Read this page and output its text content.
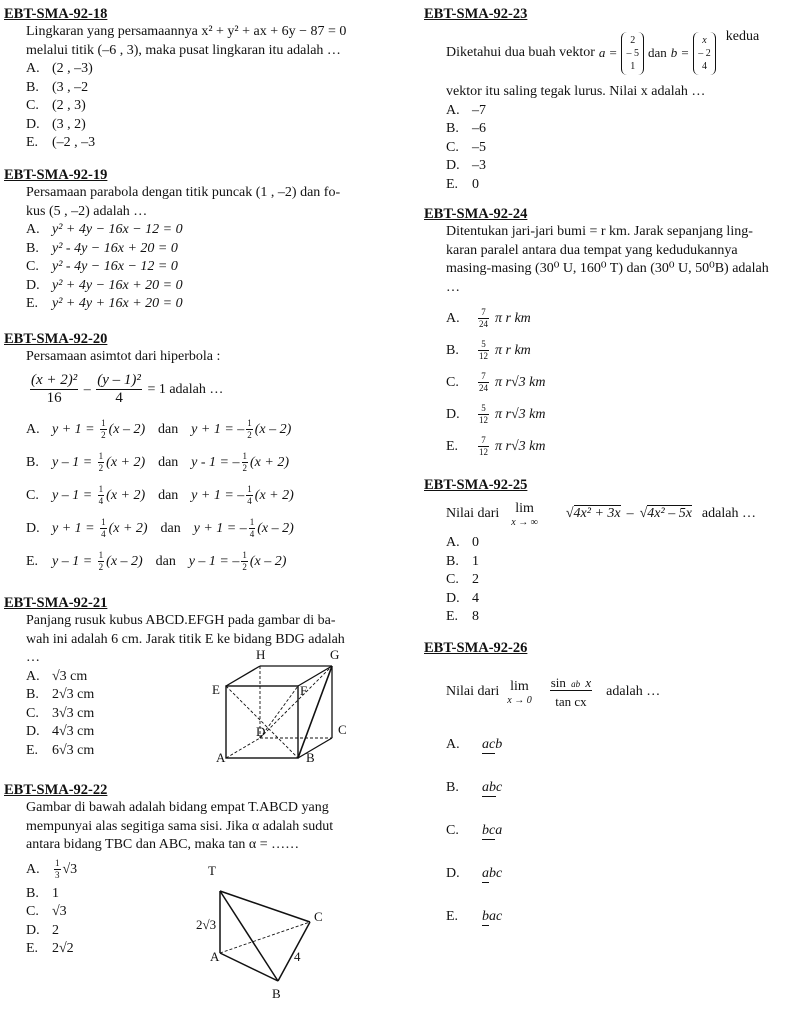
EBT-SMA-92-18
Lingkaran yang persamaannya x² + y² + ax + 6y − 87 = 0
melalui titik (–6 , 3), maka pusat lingkaran itu adalah …
A. (2 , –3)
B. (3 , –2
C. (2 , 3)
D. (3 , 2)
E. (–2 , –3
EBT-SMA-92-19
Persamaan parabola dengan titik puncak (1 , –2) dan fo-
kus (5 , –2) adalah …
A. y² + 4y − 16x − 12 = 0
B. y² - 4y − 16x + 20 = 0
C. y² - 4y − 16x − 12 = 0
D. y² + 4y − 16x + 20 = 0
E. y² + 4y + 16x + 20 = 0
EBT-SMA-92-20
Persamaan asimtot dari hiperbola :
$\frac{\text{(x + 2)²}}{16} - \frac{\text{(y – 1)²}}{4} = 1$ adalah …
A. $y + 1 = \frac{1}{2} (x - 2)$ dan y + 1 = – $\frac{1}{2} (x - 2)$
B. $y - 1 = \frac{1}{2} (x + 2)$ dan y - 1 = – $\frac{1}{2} (x + 2)$
C. $y - 1 = \frac{1}{4} (x + 2)$ dan y + 1 = – $\frac{1}{4} (x + 2)$
D. $y + 1 = \frac{1}{4} (x + 2)$ dan y + 1 = – $\frac{1}{4} (x - 2)$
E. $y - 1 = \frac{1}{2} (x - 2)$ dan y – 1 = – $\frac{1}{2} (x - 2)$
EBT-SMA-92-21
Panjang rusuk kubus ABCD.EFGH pada gambar di ba-
wah ini adalah 6 cm. Jarak titik E ke bidang BDG adalah
…
A. √3 cm
B. 2√3 cm
C. 3√3 cm
D. 4√3 cm
E. 6√3 cm
H	G
E	F
D	C
A	B
EBT-SMA-92-22
Gambar di bawah adalah bidang empat T.ABCD yang
mempunyai alas segitiga sama sisi. Jika α adalah sudut
antara bidang TBC dan ABC, maka tan α = ……
A. $\frac{1}{3} √3$
B. 1
C. √3
D. 2
E. 2√2
T
C
A
B
2√3
4
EBT-SMA-92-23
Diketahui dua buah vektor a =
2
– 5
1
dan b =
x
– 2
4
kedua
vektor itu saling tegak lurus. Nilai x adalah …
A. –7
B. –6
C. –5
D. –3
E. 0
EBT-SMA-92-24
Ditentukan jari-jari bumi = r km. Jarak sepanjang ling-
karan paralel antara dua tempat yang kedudukannya
masing-masing (30⁰ U, 160⁰ T) dan (30⁰ U, 50⁰B) adalah
…
A. $\frac{7}{24}$ π r km
B. $\frac{5}{12}$ π r km
C. $\frac{7}{24}$ π r√3 km
D. $\frac{5}{12}$ π r√3 km
E. $\frac{7}{12}$ π r√3 km
EBT-SMA-92-25
Nilai dari lim
x → ∞
√4x² + 3x – √4x² – 5x adalah …
A. 0
B. 1
C. 2
D. 4
E. 8
EBT-SMA-92-26
Nilai dari lim
$x \to 0 \frac{\text{sin ab x}}{\text{tan cx}}$ adalah …
A. acb
B. abc
C. bca
D. abc
E. bac
